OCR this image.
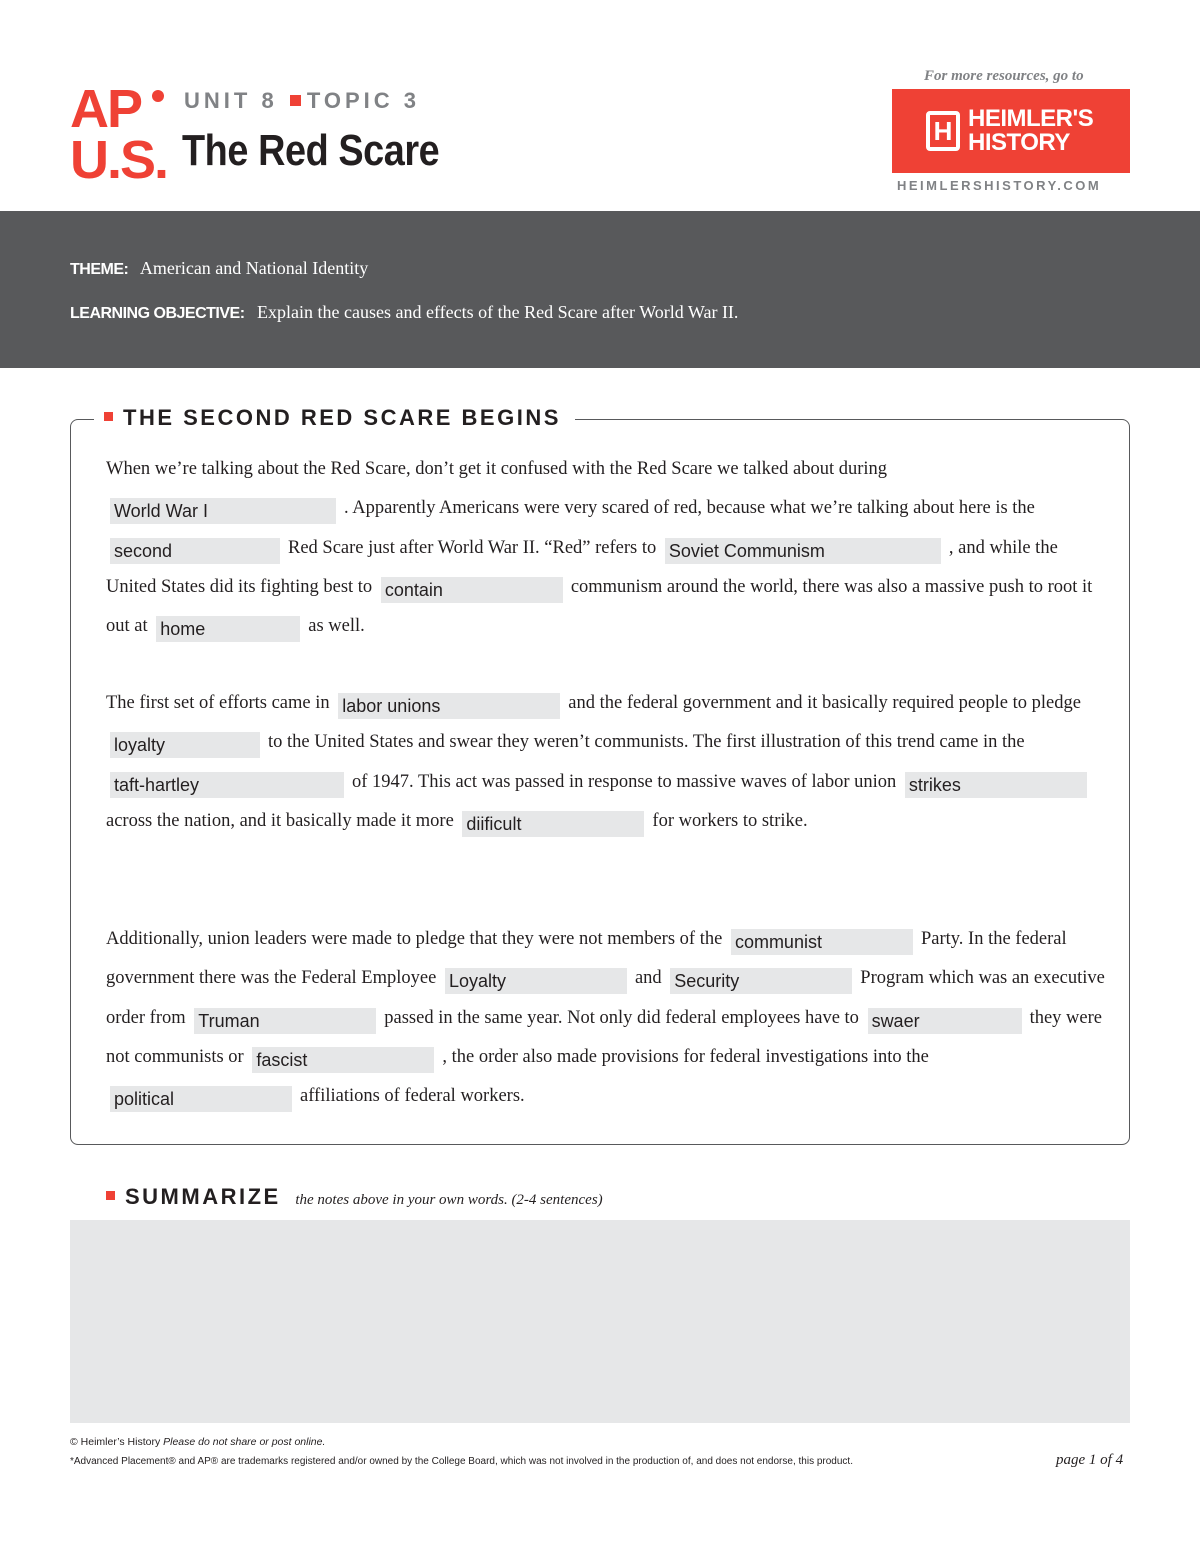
AP
U.S.
UNIT 8 TOPIC 3
The Red Scare
For more resources, go to
H HEIMLER'S HISTORY
HEIMLERSHISTORY.COM
THEME: American and National Identity
LEARNING OBJECTIVE: Explain the causes and effects of the Red Scare after World War II.
THE SECOND RED SCARE BEGINS
When we’re talking about the Red Scare, don’t get it confused with the Red Scare we talked about during
World War I	. Apparently Americans were very scared of red, because what we’re talking about here is the second	Red Scare just after World War II. “Red” refers to Soviet Communism	, and while the United States did its fighting best to contain	communism around the world, there was also a massive push to root it out at home	as well.
The first set of efforts came in labor unions	and the federal government and it basically required people to pledge loyalty	to the United States and swear they weren’t communists. The first illustration of this trend came in the taft-hartley	of 1947. This act was passed in response to massive waves of labor union strikesacross the nation, and it basically made it more diificult	for workers to strike.
Additionally, union leaders were made to pledge that they were not members of the communist	Party. In the federal government there was the Federal Employee Loyalty	and Security	Program which was an executive order from Truman	passed in the same year. Not only did federal employees have to swaer	they were not communists or fascist	, the order also made provisions for federal investigations into the political	affiliations of federal workers.
SUMMARIZE the notes above in your own words. (2-4 sentences)
© Heimler’s History Please do not share or post online.
*Advanced Placement® and AP® are trademarks registered and/or owned by the College Board, which was not involved in the production of, and does not endorse, this product.	page 1 of 4
